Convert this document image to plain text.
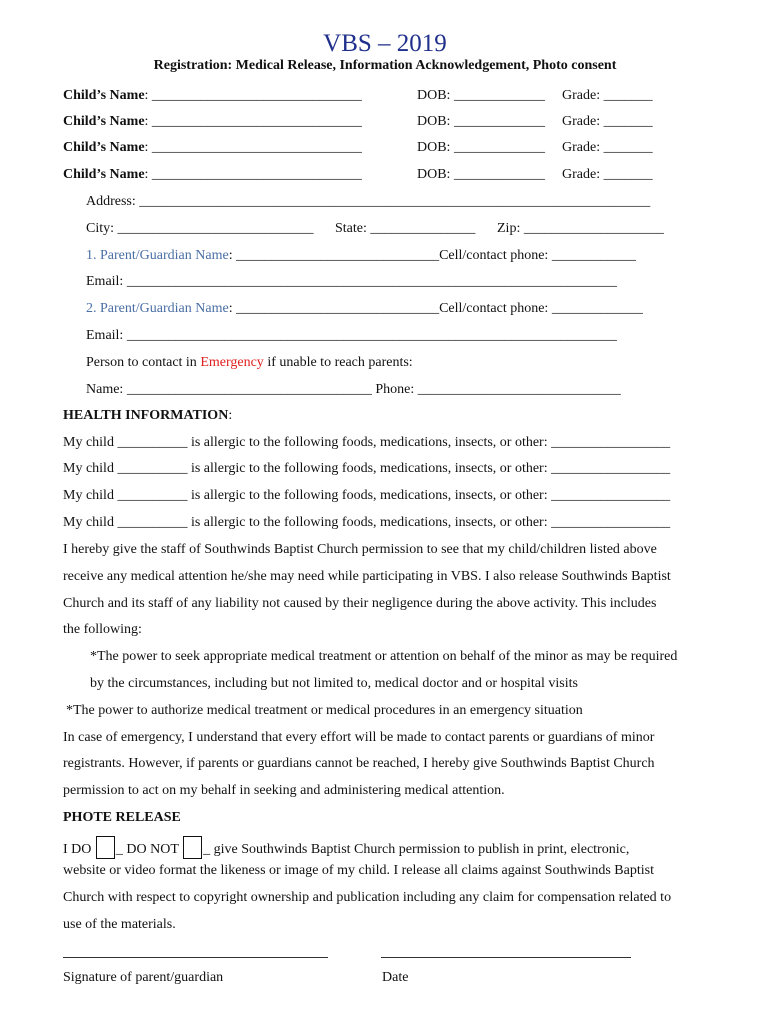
VBS – 2019
Registration: Medical Release, Information Acknowledgement, Photo consent
Child’s Name: ______________________________	DOB: _____________ Grade: _______
Child’s Name: ______________________________	DOB: _____________ Grade: _______
Child’s Name: ______________________________	DOB: _____________ Grade: _______
Child’s Name: ______________________________	DOB: _____________ Grade: _______
Address: _________________________________________________________________________
City: ____________________________ State: _______________ Zip: ____________________
1. Parent/Guardian Name: _____________________________Cell/contact phone: ____________
Email: ______________________________________________________________________
2. Parent/Guardian Name: _____________________________Cell/contact phone: _____________
Email: ______________________________________________________________________
Person to contact in Emergency if unable to reach parents:
Name: ___________________________________ Phone: _____________________________
HEALTH INFORMATION:
My child __________ is allergic to the following foods, medications, insects, or other: _________________
My child __________ is allergic to the following foods, medications, insects, or other: _________________
My child __________ is allergic to the following foods, medications, insects, or other: _________________
My child __________ is allergic to the following foods, medications, insects, or other: _________________
I hereby give the staff of Southwinds Baptist Church permission to see that my child/children listed above
receive any medical attention he/she may need while participating in VBS. I also release Southwinds Baptist
Church and its staff of any liability not caused by their negligence during the above activity. This includes
the following:
*The power to seek appropriate medical treatment or attention on behalf of the minor as may be required
by the circumstances, including but not limited to, medical doctor and or hospital visits
*The power to authorize medical treatment or medical procedures in an emergency situation
In case of emergency, I understand that every effort will be made to contact parents or guardians of minor
registrants. However, if parents or guardians cannot be reached, I hereby give Southwinds Baptist Church
permission to act on my behalf in seeking and administering medical attention.
PHOTE RELEASE
I DO _ DO NOT _ give Southwinds Baptist Church permission to publish in print, electronic,
website or video format the likeness or image of my child. I release all claims against Southwinds Baptist
Church with respect to copyright ownership and publication including any claim for compensation related to
use of the materials.
Signature of parent/guardian	Date
